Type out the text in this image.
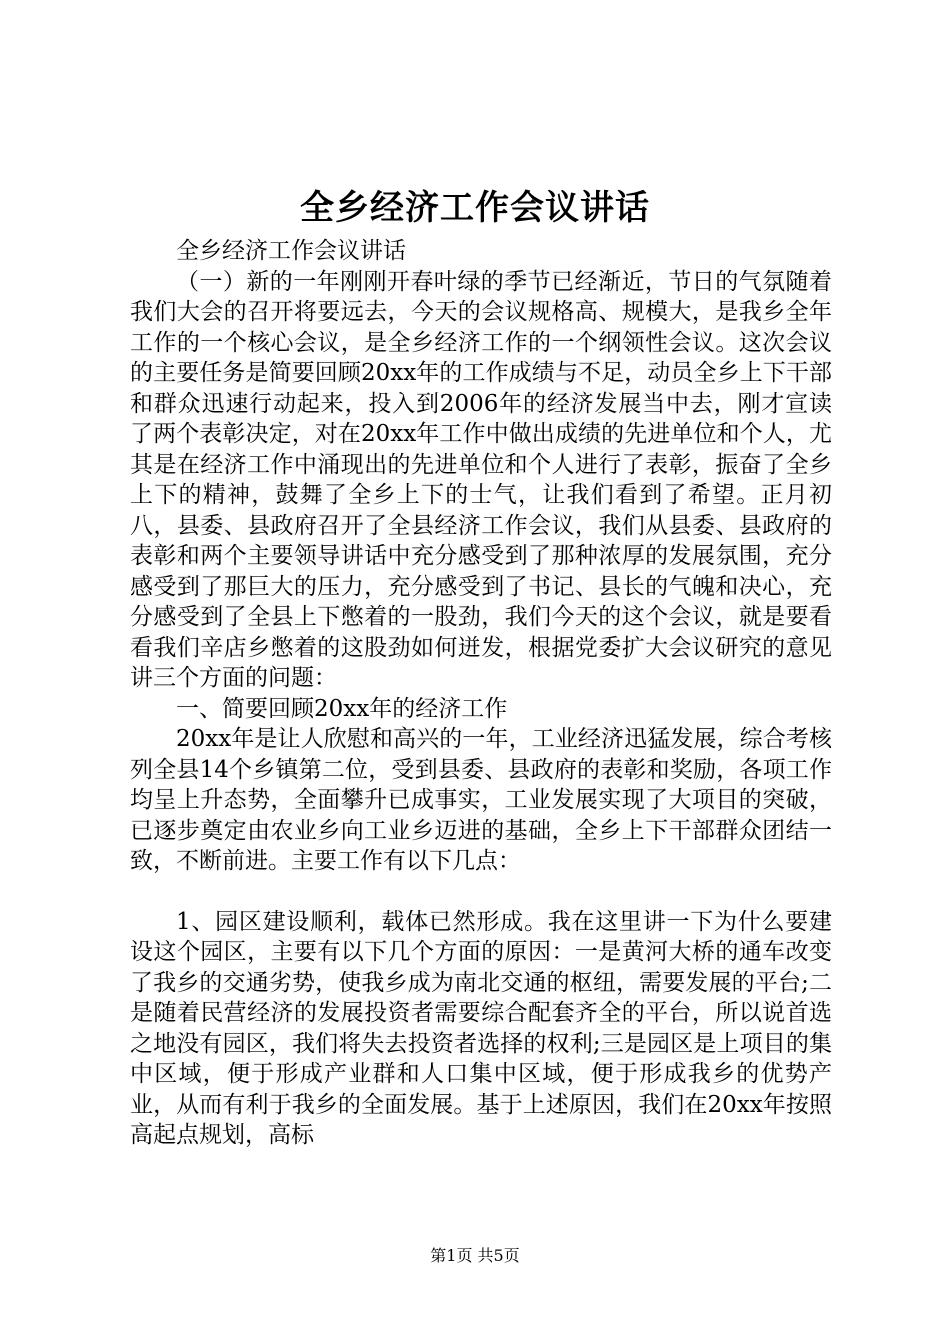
全乡经济工作会议讲话

全乡经济工作会议讲话

（一）新的一年刚刚开春叶绿的季节已经渐近，节日的气氛随着我们大会的召开将要远去，今天的会议规格高、规模大，是我乡全年工作的一个核心会议，是全乡经济工作的一个纲领性会议。这次会议的主要任务是简要回顾20xx年的工作成绩与不足，动员全乡上下干部和群众迅速行动起来，投入到2006年的经济发展当中去，刚才宣读了两个表彰决定，对在20xx年工作中做出成绩的先进单位和个人，尤其是在经济工作中涌现出的先进单位和个人进行了表彰，振奋了全乡上下的精神，鼓舞了全乡上下的士气，让我们看到了希望。正月初八，县委、县政府召开了全县经济工作会议，我们从县委、县政府的表彰和两个主要领导讲话中充分感受到了那种浓厚的发展氛围，充分感受到了那巨大的压力，充分感受到了书记、县长的气魄和决心，充分感受到了全县上下憋着的一股劲，我们今天的这个会议，就是要看看我们辛店乡憋着的这股劲如何迸发，根据党委扩大会议研究的意见讲三个方面的问题：

一、简要回顾20xx年的经济工作

20xx年是让人欣慰和高兴的一年，工业经济迅猛发展，综合考核列全县14个乡镇第二位，受到县委、县政府的表彰和奖励，各项工作均呈上升态势，全面攀升已成事实，工业发展实现了大项目的突破，已逐步奠定由农业乡向工业乡迈进的基础，全乡上下干部群众团结一致，不断前进。主要工作有以下几点：

1、园区建设顺利，载体已然形成。我在这里讲一下为什么要建设这个园区，主要有以下几个方面的原因：一是黄河大桥的通车改变了我乡的交通劣势，使我乡成为南北交通的枢纽，需要发展的平台;二是随着民营经济的发展投资者需要综合配套齐全的平台，所以说首选之地没有园区，我们将失去投资者选择的权利;三是园区是上项目的集中区域，便于形成产业群和人口集中区域，便于形成我乡的优势产业，从而有利于我乡的全面发展。基于上述原因，我们在20xx年按照高起点规划，高标

第1页 共5页
